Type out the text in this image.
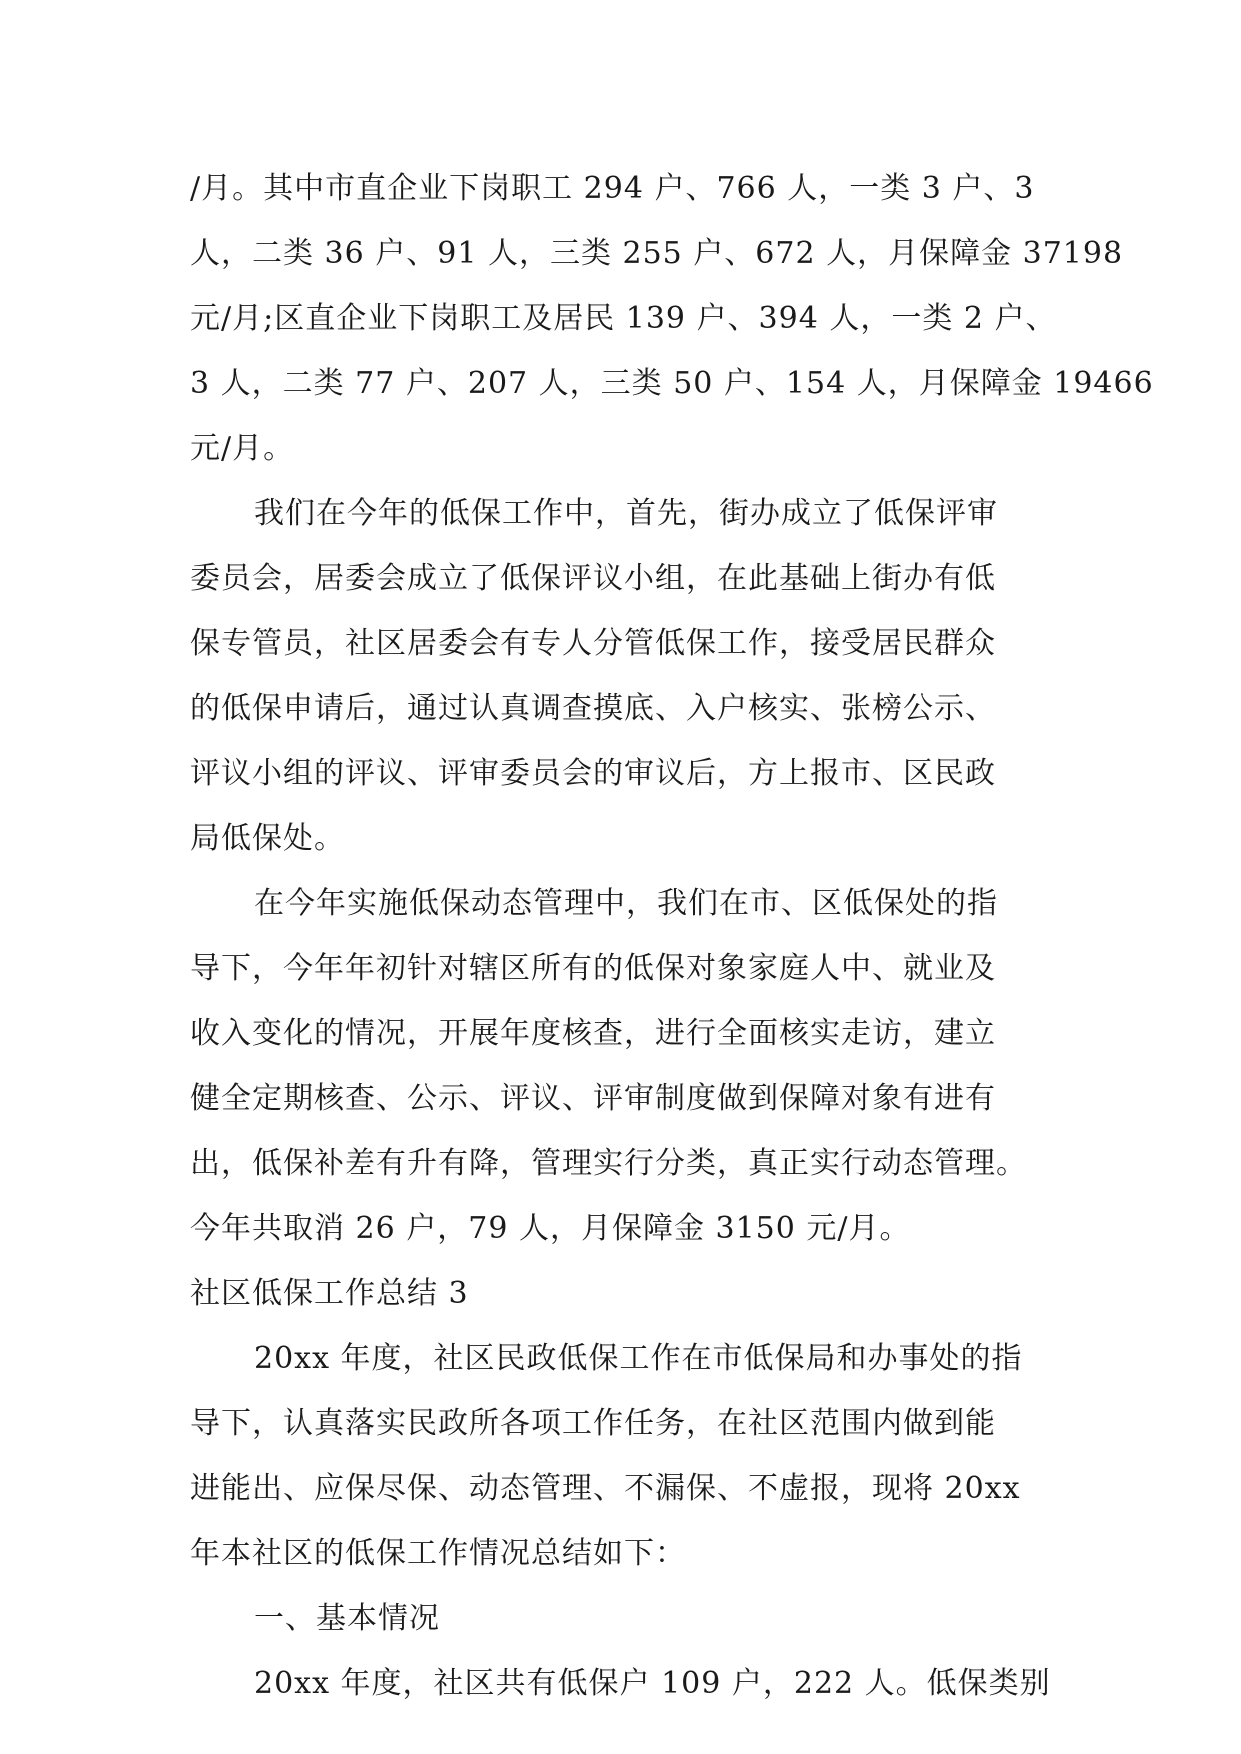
/月。其中市直企业下岗职工 294 户、766 人，一类 3 户、3
人，二类 36 户、91 人，三类 255 户、672 人，月保障金 37198
元/月;区直企业下岗职工及居民 139 户、394 人，一类 2 户、
3 人，二类 77 户、207 人，三类 50 户、154 人，月保障金 19466
元/月。
我们在今年的低保工作中，首先，街办成立了低保评审
委员会，居委会成立了低保评议小组，在此基础上街办有低
保专管员，社区居委会有专人分管低保工作，接受居民群众
的低保申请后，通过认真调查摸底、入户核实、张榜公示、
评议小组的评议、评审委员会的审议后，方上报市、区民政
局低保处。
在今年实施低保动态管理中，我们在市、区低保处的指
导下，今年年初针对辖区所有的低保对象家庭人中、就业及
收入变化的情况，开展年度核查，进行全面核实走访，建立
健全定期核查、公示、评议、评审制度做到保障对象有进有
出，低保补差有升有降，管理实行分类，真正实行动态管理。
今年共取消 26 户，79 人，月保障金 3150 元/月。
社区低保工作总结 3
20xx 年度，社区民政低保工作在市低保局和办事处的指
导下，认真落实民政所各项工作任务，在社区范围内做到能
进能出、应保尽保、动态管理、不漏保、不虚报，现将 20xx
年本社区的低保工作情况总结如下：
一、基本情况
20xx 年度，社区共有低保户 109 户，222 人。低保类别
